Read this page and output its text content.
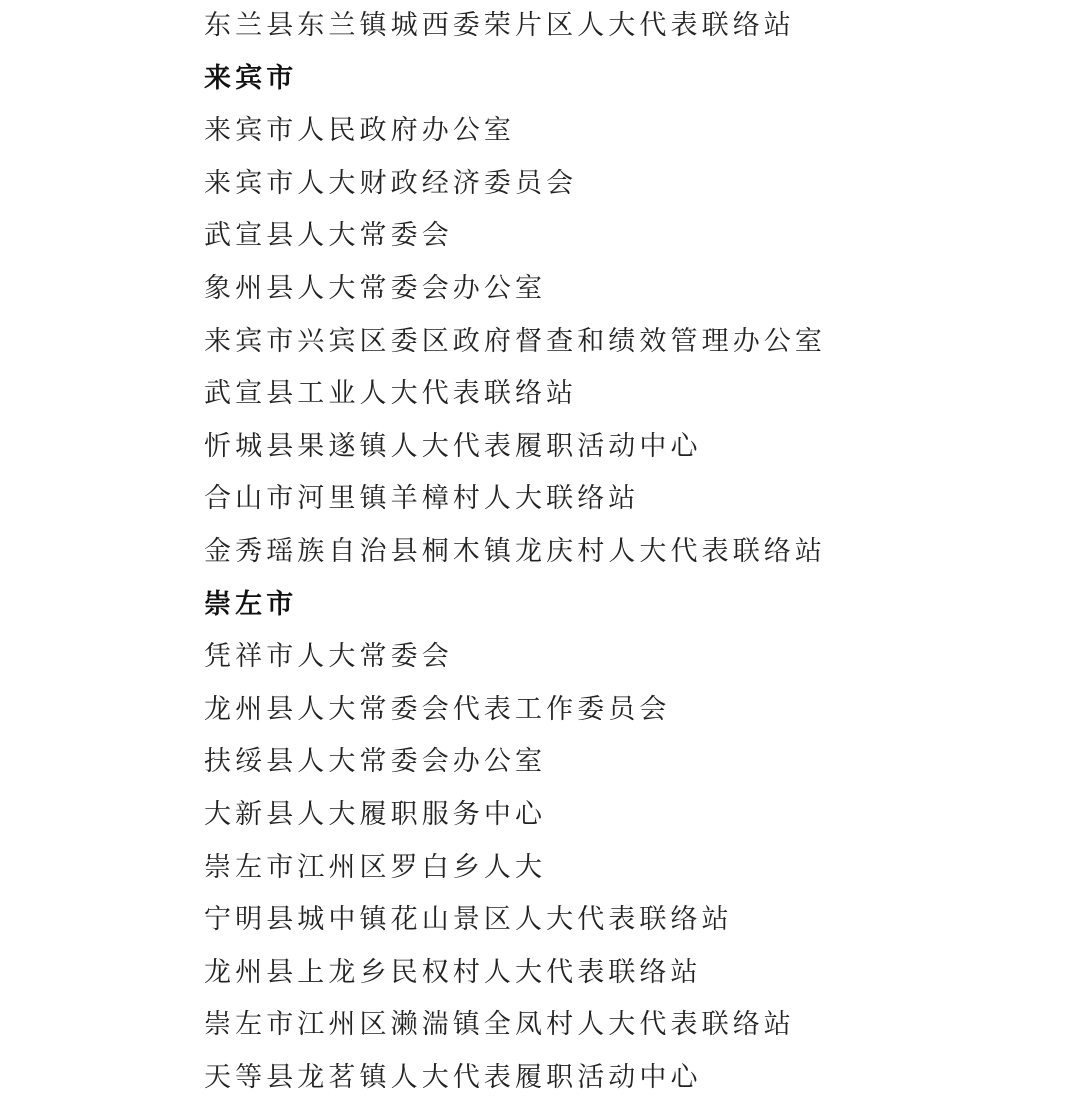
东兰县东兰镇城西委荣片区人大代表联络站
来宾市
来宾市人民政府办公室
来宾市人大财政经济委员会
武宣县人大常委会
象州县人大常委会办公室
来宾市兴宾区委区政府督查和绩效管理办公室
武宣县工业人大代表联络站
忻城县果遂镇人大代表履职活动中心
合山市河里镇羊樟村人大联络站
金秀瑶族自治县桐木镇龙庆村人大代表联络站
崇左市
凭祥市人大常委会
龙州县人大常委会代表工作委员会
扶绥县人大常委会办公室
大新县人大履职服务中心
崇左市江州区罗白乡人大
宁明县城中镇花山景区人大代表联络站
龙州县上龙乡民权村人大代表联络站
崇左市江州区濑湍镇全凤村人大代表联络站
天等县龙茗镇人大代表履职活动中心
